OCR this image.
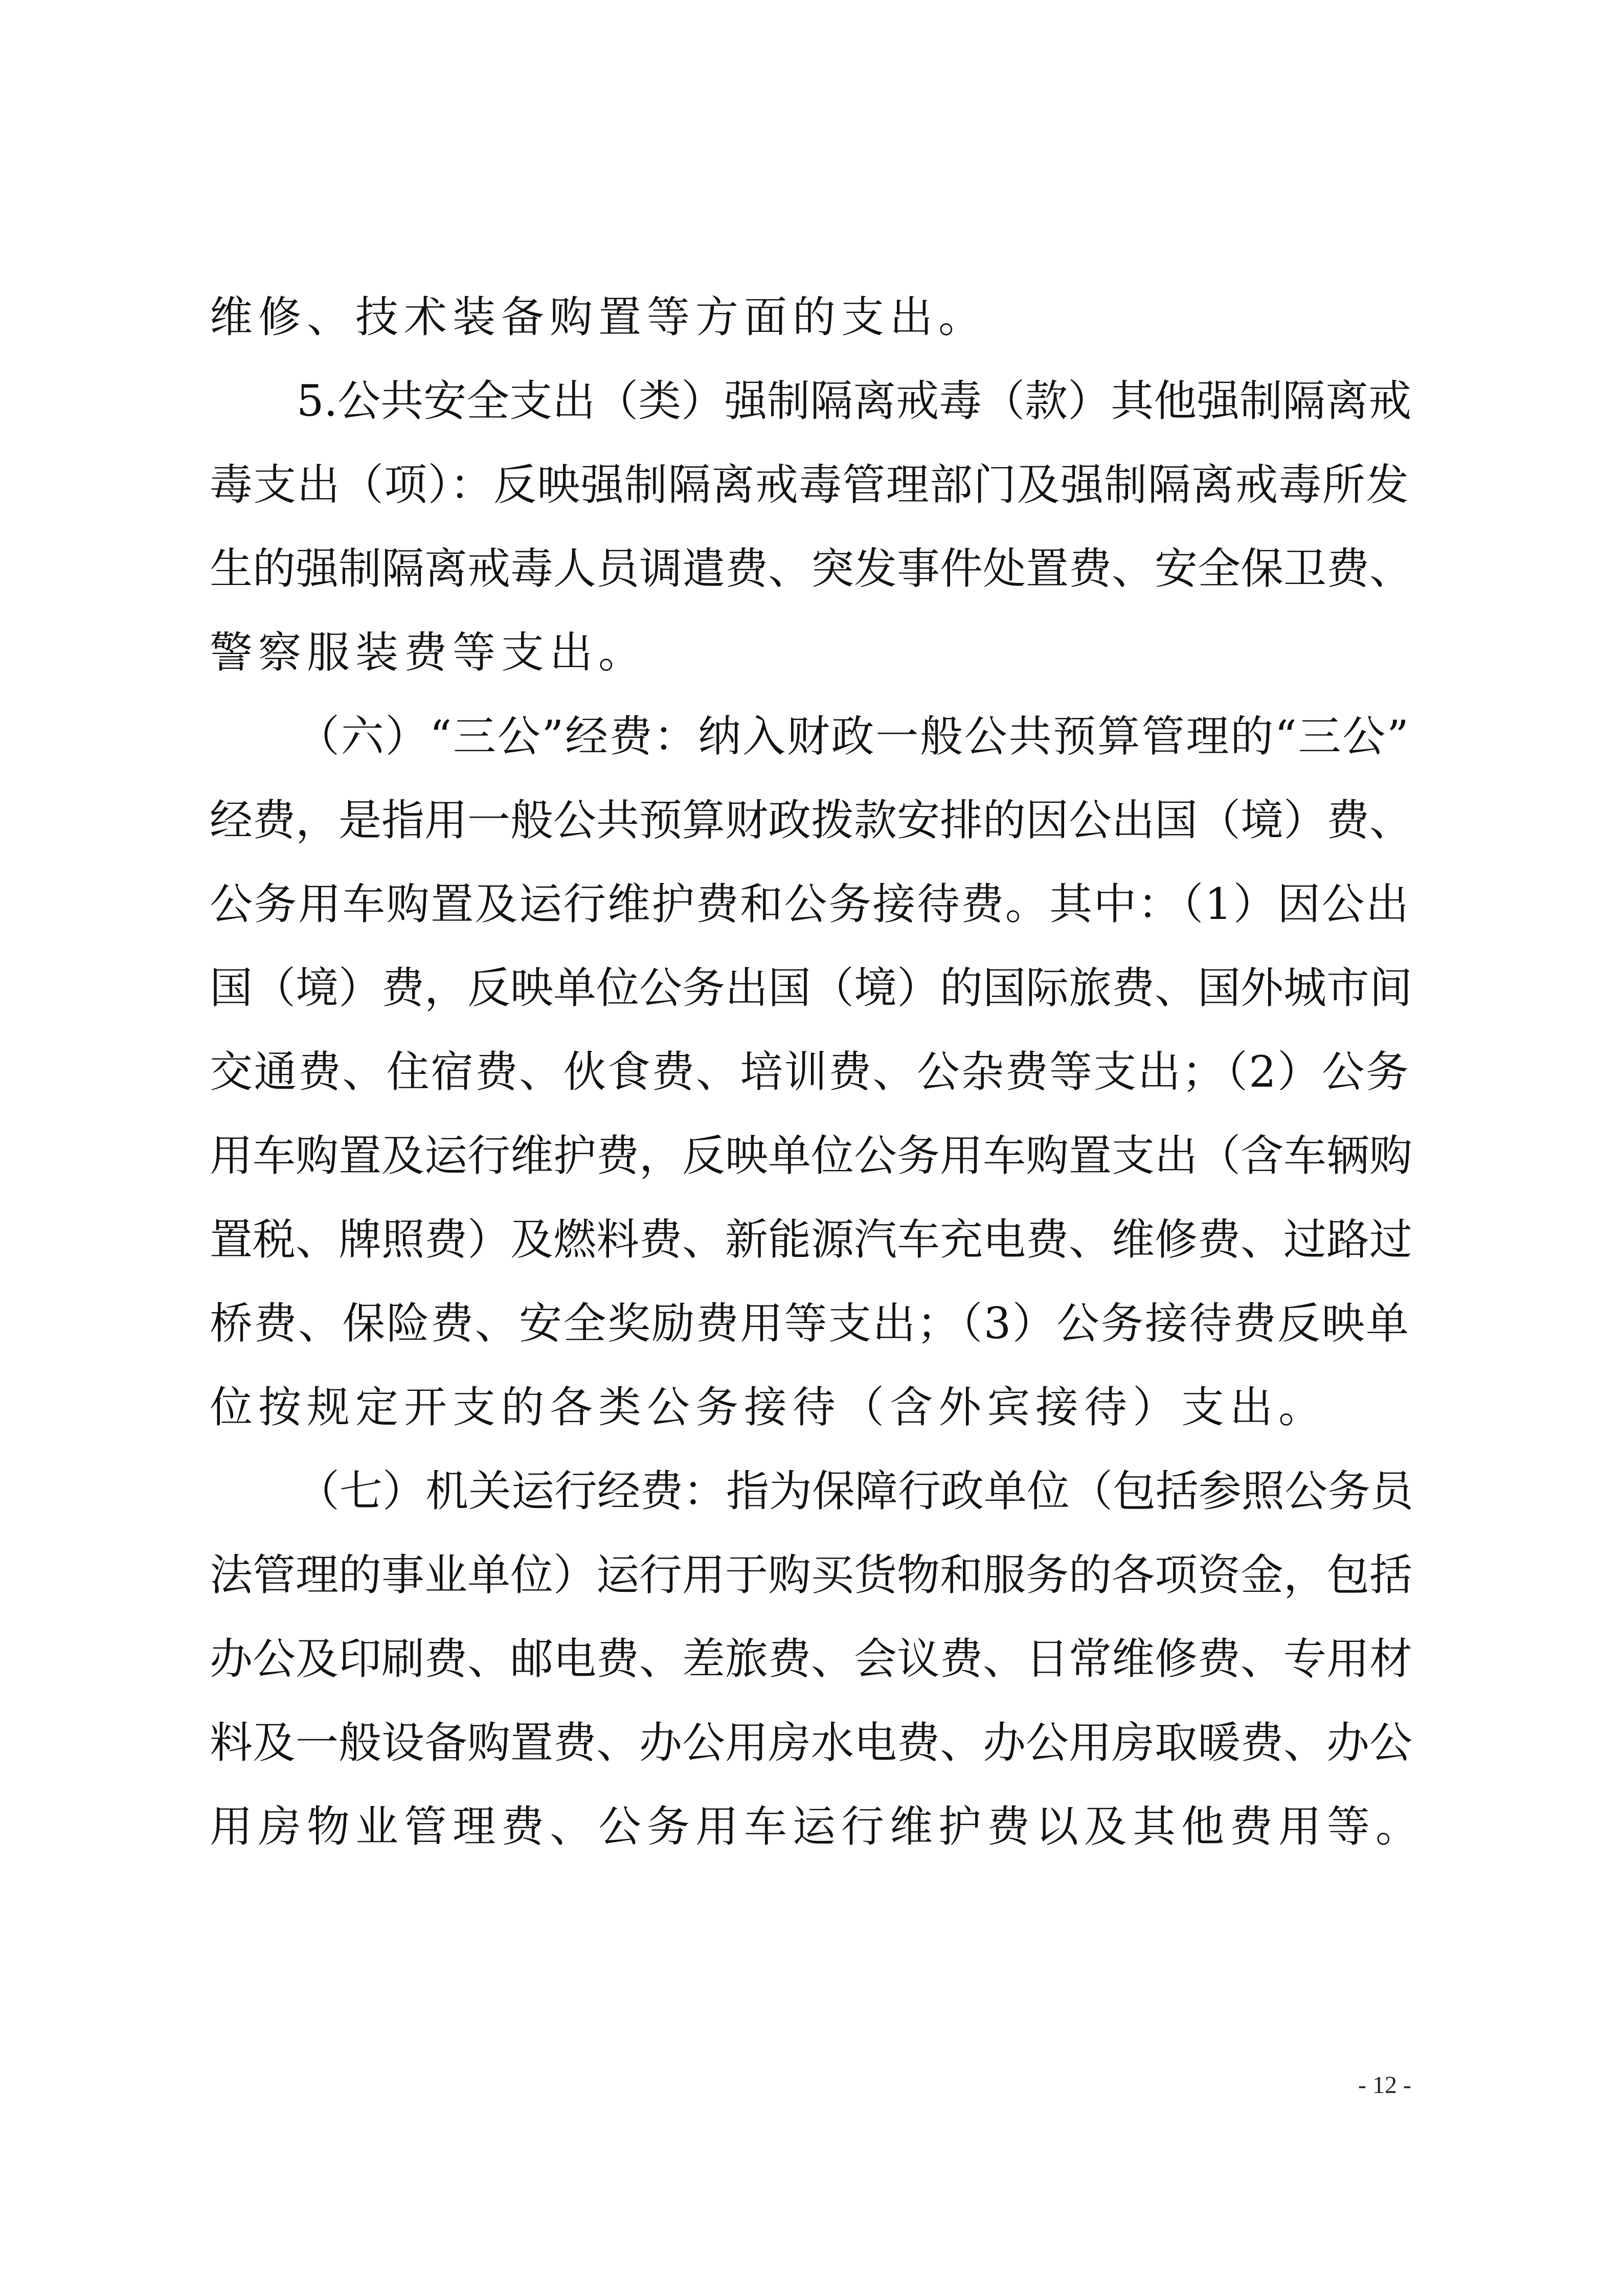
维修、技术装备购置等方面的支出。
5.公共安全支出（类）强制隔离戒毒（款）其他强制隔离戒
毒支出（项）：反映强制隔离戒毒管理部门及强制隔离戒毒所发
生的强制隔离戒毒人员调遣费、突发事件处置费、安全保卫费、
警察服装费等支出。
（六）“三公”经费：纳入财政一般公共预算管理的“三公”
经费，是指用一般公共预算财政拨款安排的因公出国（境）费、
公务用车购置及运行维护费和公务接待费。其中：（1）因公出
国（境）费，反映单位公务出国（境）的国际旅费、国外城市间
交通费、住宿费、伙食费、培训费、公杂费等支出；（2）公务
用车购置及运行维护费，反映单位公务用车购置支出（含车辆购
置税、牌照费）及燃料费、新能源汽车充电费、维修费、过路过
桥费、保险费、安全奖励费用等支出；（3）公务接待费反映单
位按规定开支的各类公务接待（含外宾接待）支出。
（七）机关运行经费：指为保障行政单位（包括参照公务员
法管理的事业单位）运行用于购买货物和服务的各项资金，包括
办公及印刷费、邮电费、差旅费、会议费、日常维修费、专用材
料及一般设备购置费、办公用房水电费、办公用房取暖费、办公
用房物业管理费、公务用车运行维护费以及其他费用等。
- 12 -
